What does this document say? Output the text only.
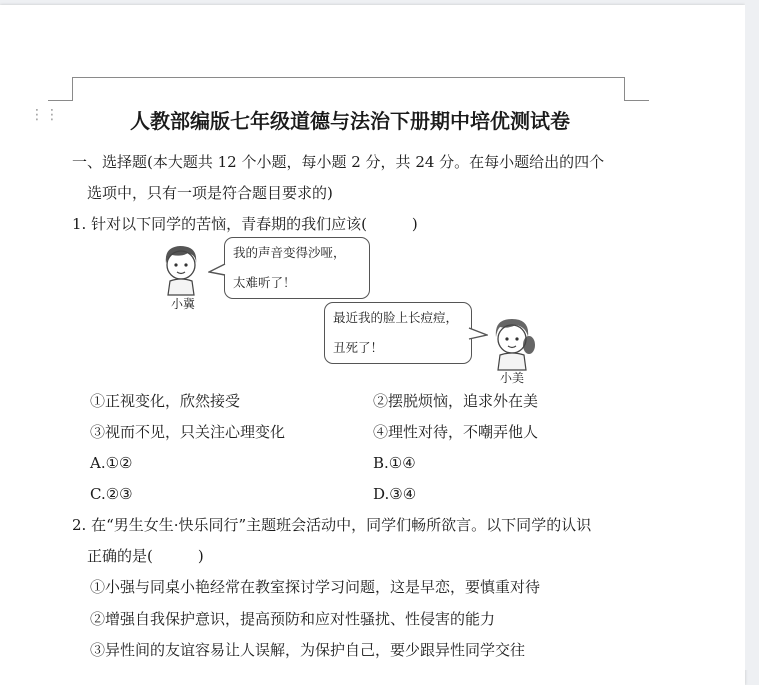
⋮⋮	人教部编版七年级道德与法治下册期中培优测试卷
一、选择题(本大题共 12 个小题，每小题 2 分，共 24 分。在每小题给出的四个
选项中，只有一项是符合题目要求的)
1. 针对以下同学的苦恼，青春期的我们应该(　　　)
小冀
我的声音变得沙哑，
太难听了！
最近我的脸上长痘痘，
丑死了！
小美
①正视变化，欣然接受	②摆脱烦恼，追求外在美
③视而不见，只关注心理变化	④理性对待，不嘲弄他人
A.①②	B.①④
C.②③	D.③④
2. 在“男生女生·快乐同行”主题班会活动中，同学们畅所欲言。以下同学的认识
正确的是(　　　)
①小强与同桌小艳经常在教室探讨学习问题，这是早恋，要慎重对待
②增强自我保护意识，提高预防和应对性骚扰、性侵害的能力
③异性间的友谊容易让人误解，为保护自己，要少跟异性同学交往
